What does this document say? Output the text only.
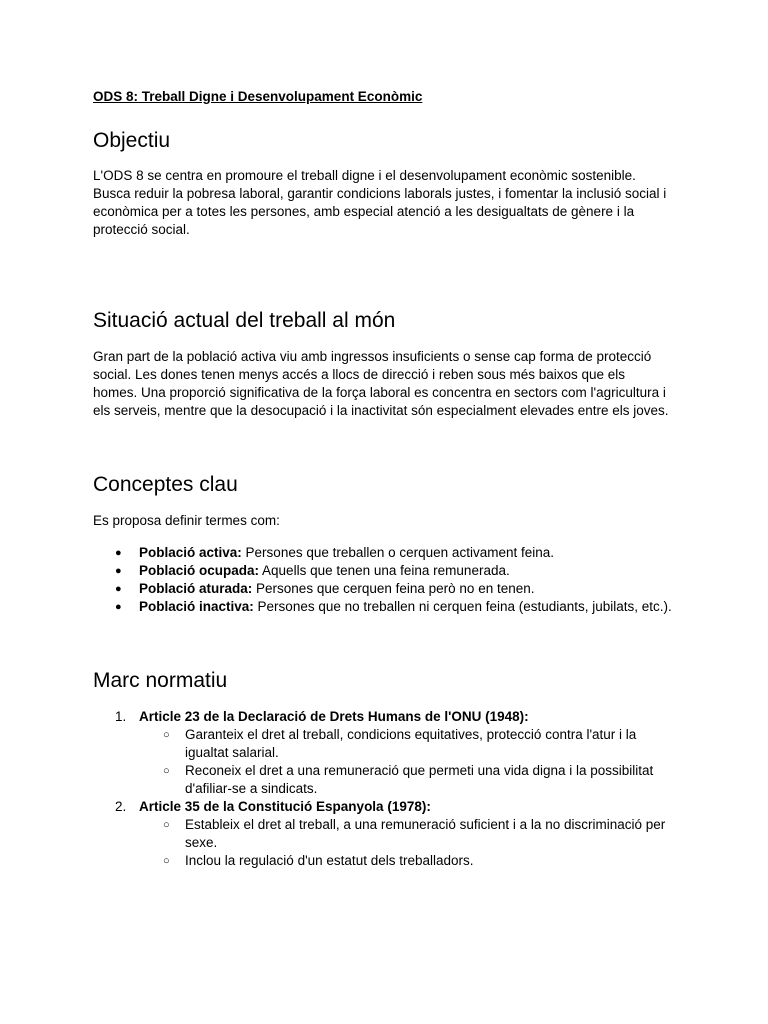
ODS 8: Treball Digne i Desenvolupament Econòmic
Objectiu

L'ODS 8 se centra en promoure el treball digne i el desenvolupament econòmic sostenible. Busca reduir la pobresa laboral, garantir condicions laborals justes, i fomentar la inclusió social i econòmica per a totes les persones, amb especial atenció a les desigualtats de gènere i la protecció social.

Situació actual del treball al món

Gran part de la població activa viu amb ingressos insuficients o sense cap forma de protecció social. Les dones tenen menys accés a llocs de direcció i reben sous més baixos que els homes. Una proporció significativa de la força laboral es concentra en sectors com l'agricultura i els serveis, mentre que la desocupació i la inactivitat són especialment elevades entre els joves.

Conceptes clau

Es proposa definir termes com:

● Població activa: Persones que treballen o cerquen activament feina.
● Població ocupada: Aquells que tenen una feina remunerada.
● Població aturada: Persones que cerquen feina però no en tenen.
● Població inactiva: Persones que no treballen ni cerquen feina (estudiants, jubilats, etc.).
Marc normatiu
1. Article 23 de la Declaració de Drets Humans de l'ONU (1948):
○ Garanteix el dret al treball, condicions equitatives, protecció contra l'atur i la igualtat salarial.
○ Reconeix el dret a una remuneració que permeti una vida digna i la possibilitat d'afiliar-se a sindicats.
2. Article 35 de la Constitució Espanyola (1978):
○ Estableix el dret al treball, a una remuneració suficient i a la no discriminació per sexe.
○ Inclou la regulació d'un estatut dels treballadors.
